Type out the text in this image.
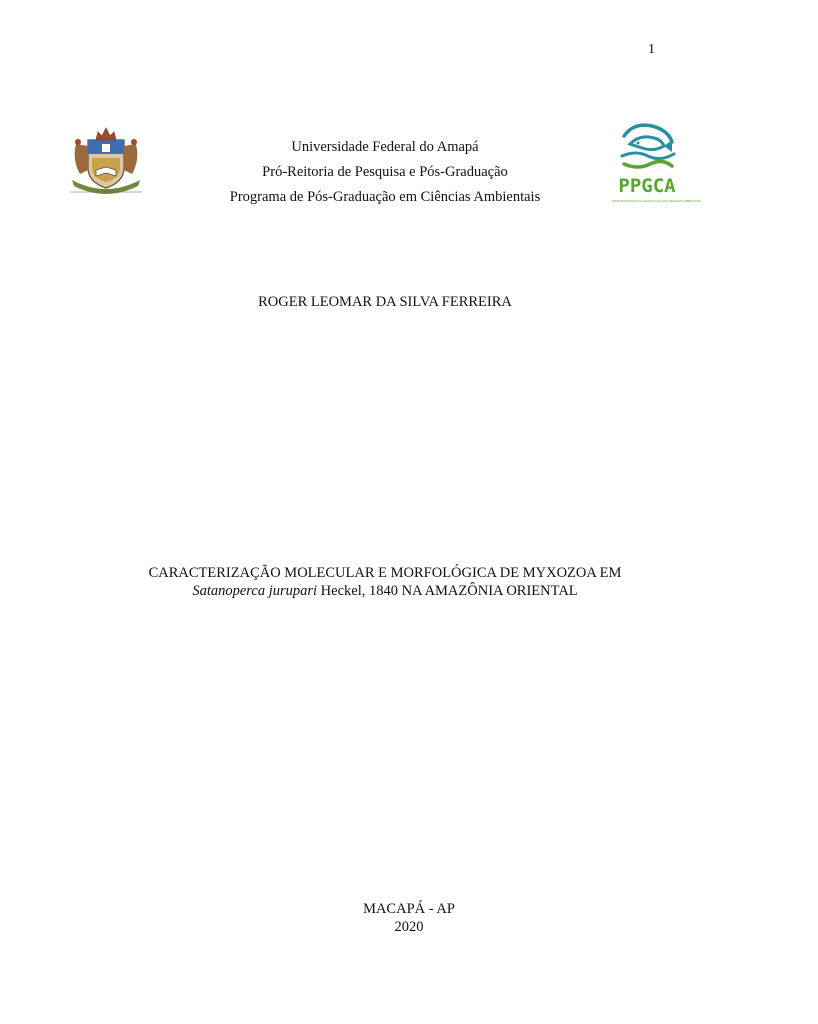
1
PPGCA
PROGRAMA DE PÓS-GRADUAÇÃO EM CIÊNCIAS AMBIENTAIS
Universidade Federal do Amapá
Pró-Reitoria de Pesquisa e Pós-Graduação
Programa de Pós-Graduação em Ciências Ambientais
ROGER LEOMAR DA SILVA FERREIRA
CARACTERIZAÇÃO MOLECULAR E MORFOLÓGICA DE MYXOZOA EM
Satanoperca jurupari Heckel, 1840 NA AMAZÔNIA ORIENTAL
MACAPÁ - AP
2020
